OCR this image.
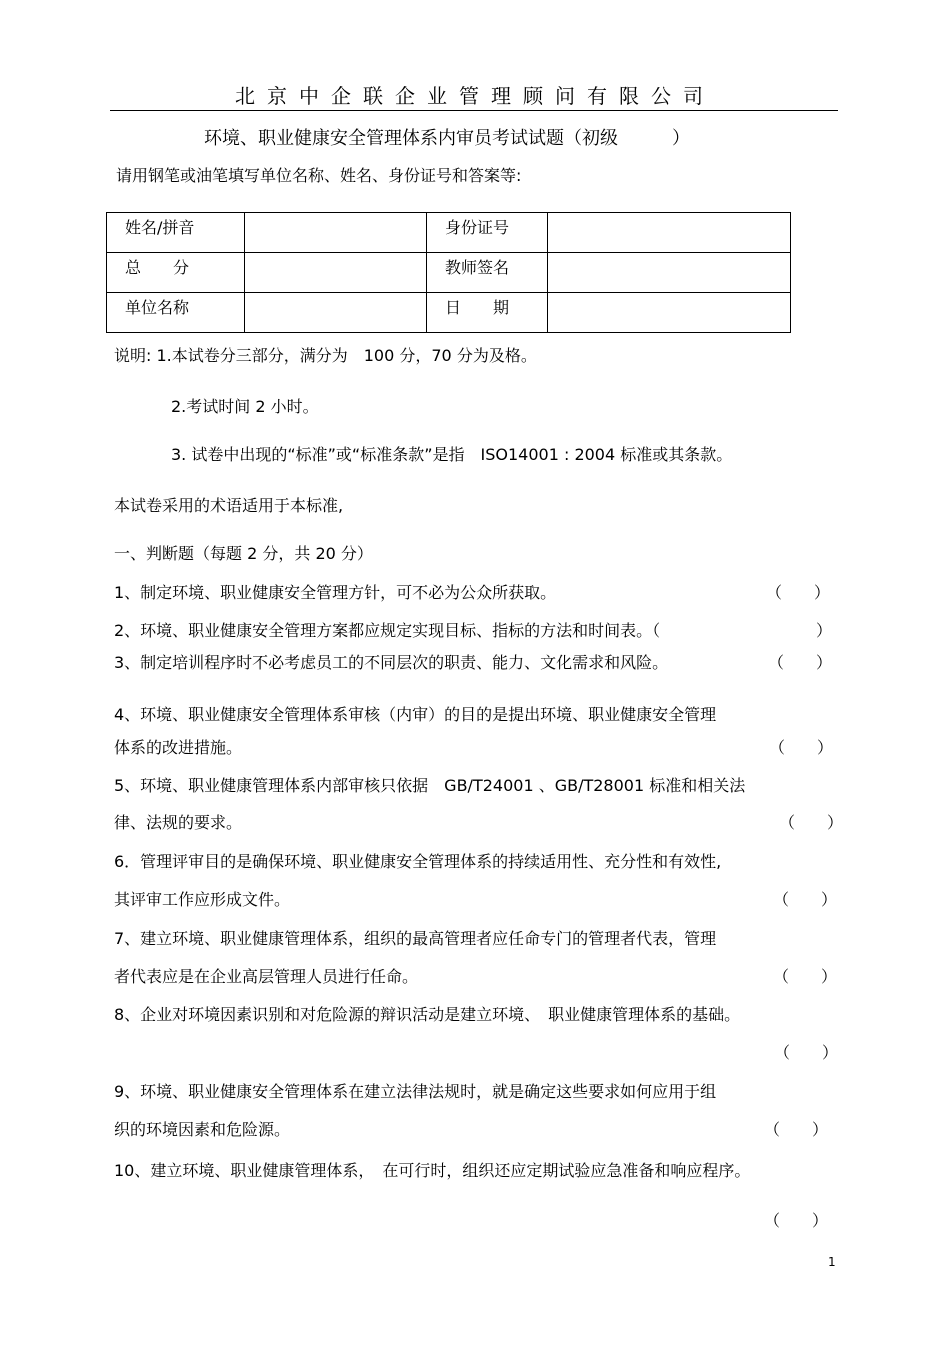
北京中企联企业管理顾问有限公司
环境、职业健康安全管理体系内审员考试试题（初级　　　）
请用钢笔或油笔填写单位名称、姓名、身份证号和答案等:
姓名/拼音		身份证号	
总　　分		教师签名	
单位名称		日　　期	
说明: 1.本试卷分三部分，满分为　100 分，70 分为及格。
2.考试时间 2 小时。
3. 试卷中出现的“标准”或“标准条款”是指　ISO14001 : 2004 标准或其条款。
本试卷采用的术语适用于本标准,
一、判断题（每题 2 分，共 20 分）
1、制定环境、职业健康安全管理方针，可不必为公众所获取。	（　　）
2、环境、职业健康安全管理方案都应规定实现目标、指标的方法和时间表。（	）
3、制定培训程序时不必考虑员工的不同层次的职责、能力、文化需求和风险。	（　　）
4、环境、职业健康安全管理体系审核（内审）的目的是提出环境、职业健康安全管理
体系的改进措施。	（　　）
5、环境、职业健康管理体系内部审核只依据　GB/T24001 、GB/T28001 标准和相关法
律、法规的要求。	（　　）
6．管理评审目的是确保环境、职业健康安全管理体系的持续适用性、充分性和有效性,
其评审工作应形成文件。	（　　）
7、建立环境、职业健康管理体系，组织的最高管理者应任命专门的管理者代表，管理
者代表应是在企业高层管理人员进行任命。	（　　）
8、企业对环境因素识别和对危险源的辩识活动是建立环境、　职业健康管理体系的基础。
（　　）
9、环境、职业健康安全管理体系在建立法律法规时，就是确定这些要求如何应用于组
织的环境因素和危险源。	（　　）
10、建立环境、职业健康管理体系，　在可行时，组织还应定期试验应急准备和响应程序。
（　　）
1
